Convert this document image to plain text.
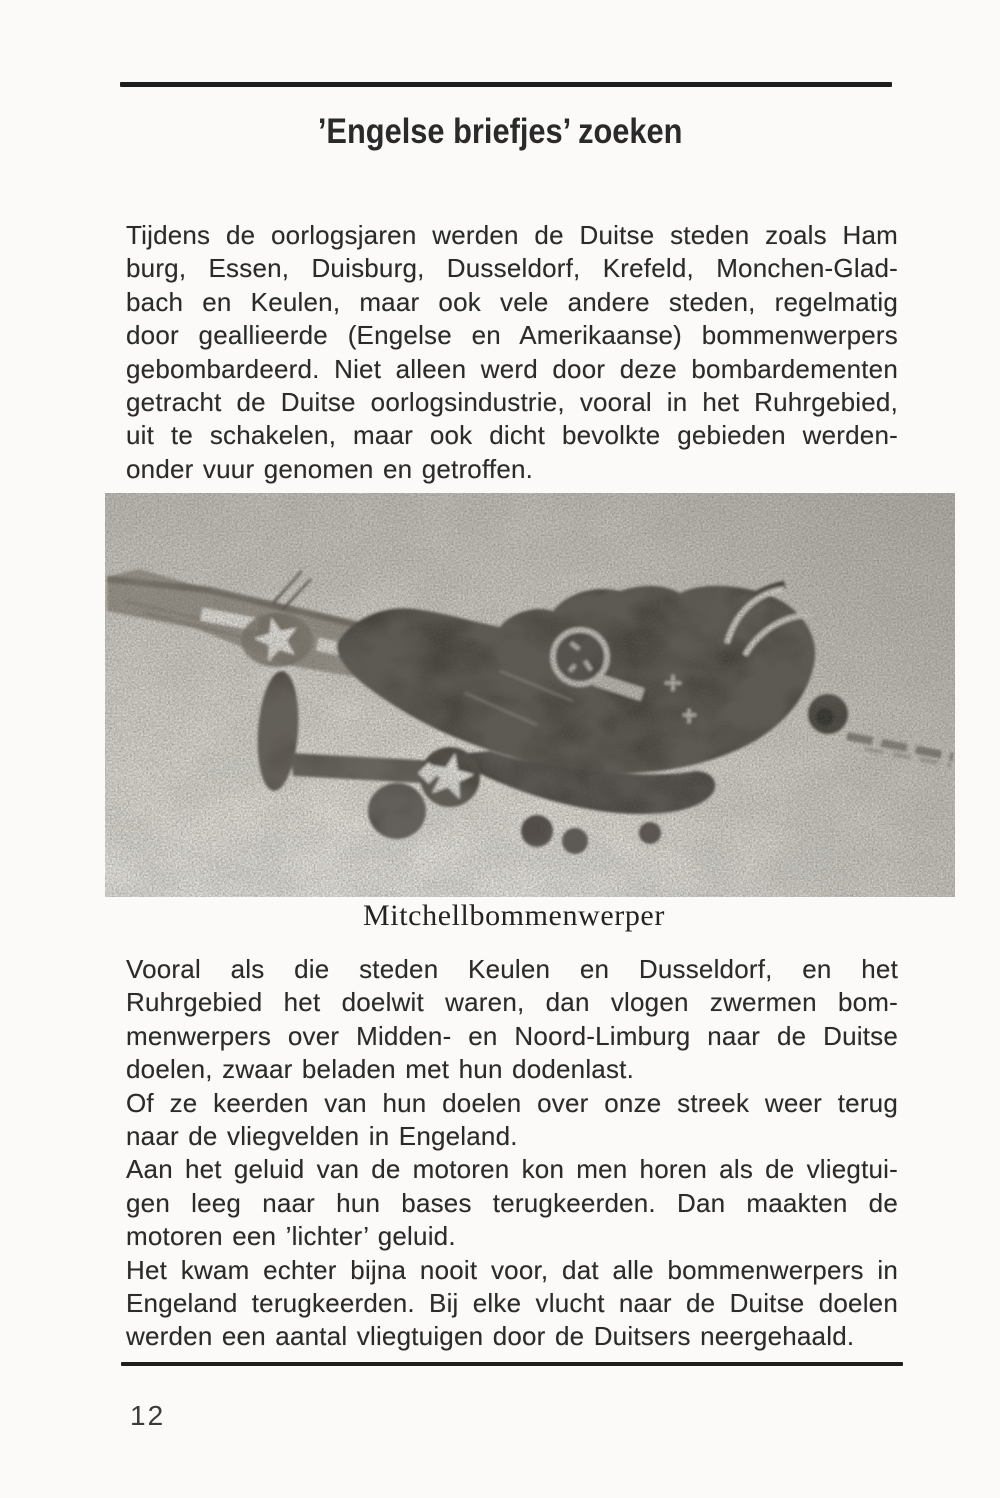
’Engelse briefjes’ zoeken
Tijdens de oorlogsjaren werden de Duitse steden zoals Ham
burg, Essen, Duisburg, Dusseldorf, Krefeld, Monchen-Glad-
bach en Keulen, maar ook vele andere steden, regelmatig
door geallieerde (Engelse en Amerikaanse) bommenwerpers
gebombardeerd. Niet alleen werd door deze bombardementen
getracht de Duitse oorlogsindustrie, vooral in het Ruhrgebied,
uit te schakelen, maar ook dicht bevolkte gebieden werden-
onder vuur genomen en getroffen.
Mitchellbommenwerper
Vooral als die steden Keulen en Dusseldorf, en het
Ruhrgebied het doelwit waren, dan vlogen zwermen bom-
menwerpers over Midden- en Noord-Limburg naar de Duitse
doelen, zwaar beladen met hun dodenlast.
Of ze keerden van hun doelen over onze streek weer terug
naar de vliegvelden in Engeland.
Aan het geluid van de motoren kon men horen als de vliegtui-
gen leeg naar hun bases terugkeerden. Dan maakten de
motoren een ’lichter’ geluid.
Het kwam echter bijna nooit voor, dat alle bommenwerpers in
Engeland terugkeerden. Bij elke vlucht naar de Duitse doelen
werden een aantal vliegtuigen door de Duitsers neergehaald.
12
